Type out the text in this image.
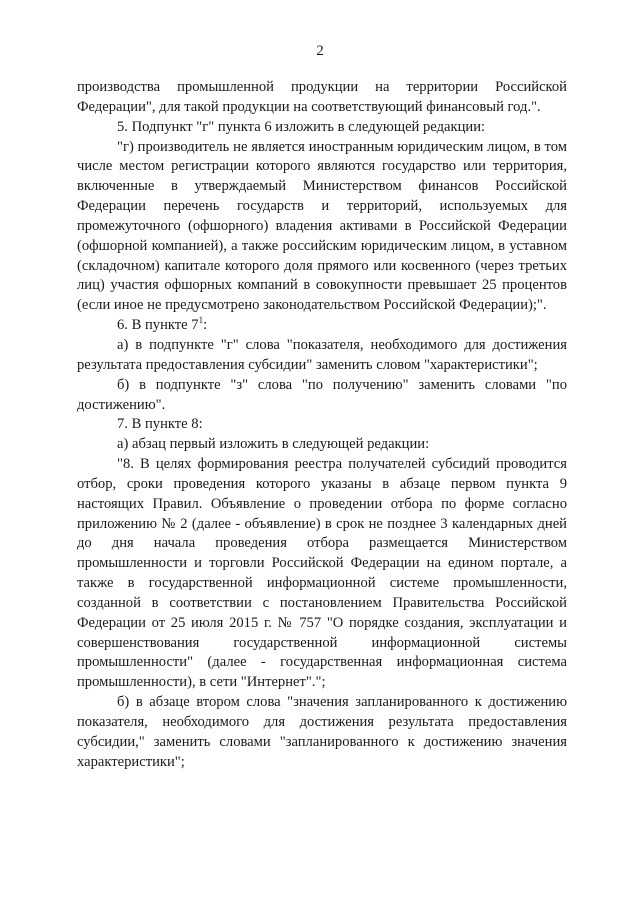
2

производства промышленной продукции на территории Российской Федерации", для такой продукции на соответствующий финансовый год.".

5. Подпункт "г" пункта 6 изложить в следующей редакции:

"г) производитель не является иностранным юридическим лицом, в том числе местом регистрации которого являются государство или территория, включенные в утверждаемый Министерством финансов Российской Федерации перечень государств и территорий, используемых для промежуточного (офшорного) владения активами в Российской Федерации (офшорной компанией), а также российским юридическим лицом, в уставном (складочном) капитале которого доля прямого или косвенного (через третьих лиц) участия офшорных компаний в совокупности превышает 25 процентов (если иное не предусмотрено законодательством Российской Федерации);".

6. В пункте $7^1$:

а) в подпункте "г" слова "показателя, необходимого для достижения результата предоставления субсидии" заменить словом "характеристики";

б) в подпункте "з" слова "по получению" заменить словами "по достижению".

7. В пункте 8:

а) абзац первый изложить в следующей редакции:

"8. В целях формирования реестра получателей субсидий проводится отбор, сроки проведения которого указаны в абзаце первом пункта 9 настоящих Правил. Объявление о проведении отбора по форме согласно приложению № 2 (далее - объявление) в срок не позднее 3 календарных дней до дня начала проведения отбора размещается Министерством промышленности и торговли Российской Федерации на едином портале, а также в государственной информационной системе промышленности, созданной в соответствии с постановлением Правительства Российской Федерации от 25 июля 2015 г. № 757 "О порядке создания, эксплуатации и совершенствования государственной информационной системы промышленности" (далее - государственная информационная система промышленности), в сети "Интернет".";

б) в абзаце втором слова "значения запланированного к достижению показателя, необходимого для достижения результата предоставления субсидии," заменить словами "запланированного к достижению значения характеристики";
